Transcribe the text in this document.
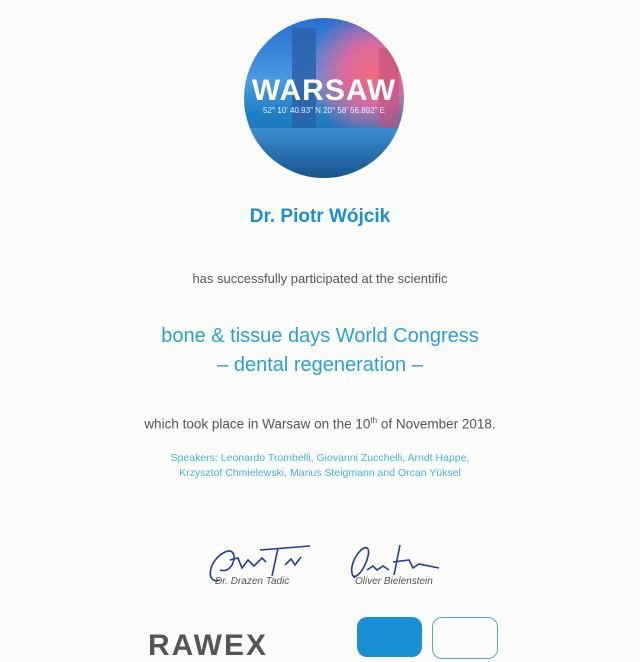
WARSAW
52° 10' 40.93" N 20° 58' 56.892" E
Dr. Piotr Wójcik
has successfully participated at the scientific
bone & tissue days World Congress
– dental regeneration –
which took place in Warsaw on the 10th of November 2018.
Speakers: Leonardo Trombelli, Giovanni Zucchelli, Arndt Happe,
Krzysztof Chmielewski, Marius Steigmann and Orcan Yüksel
Dr. Drazen Tadic	Oliver Bielenstein
RAWEX
